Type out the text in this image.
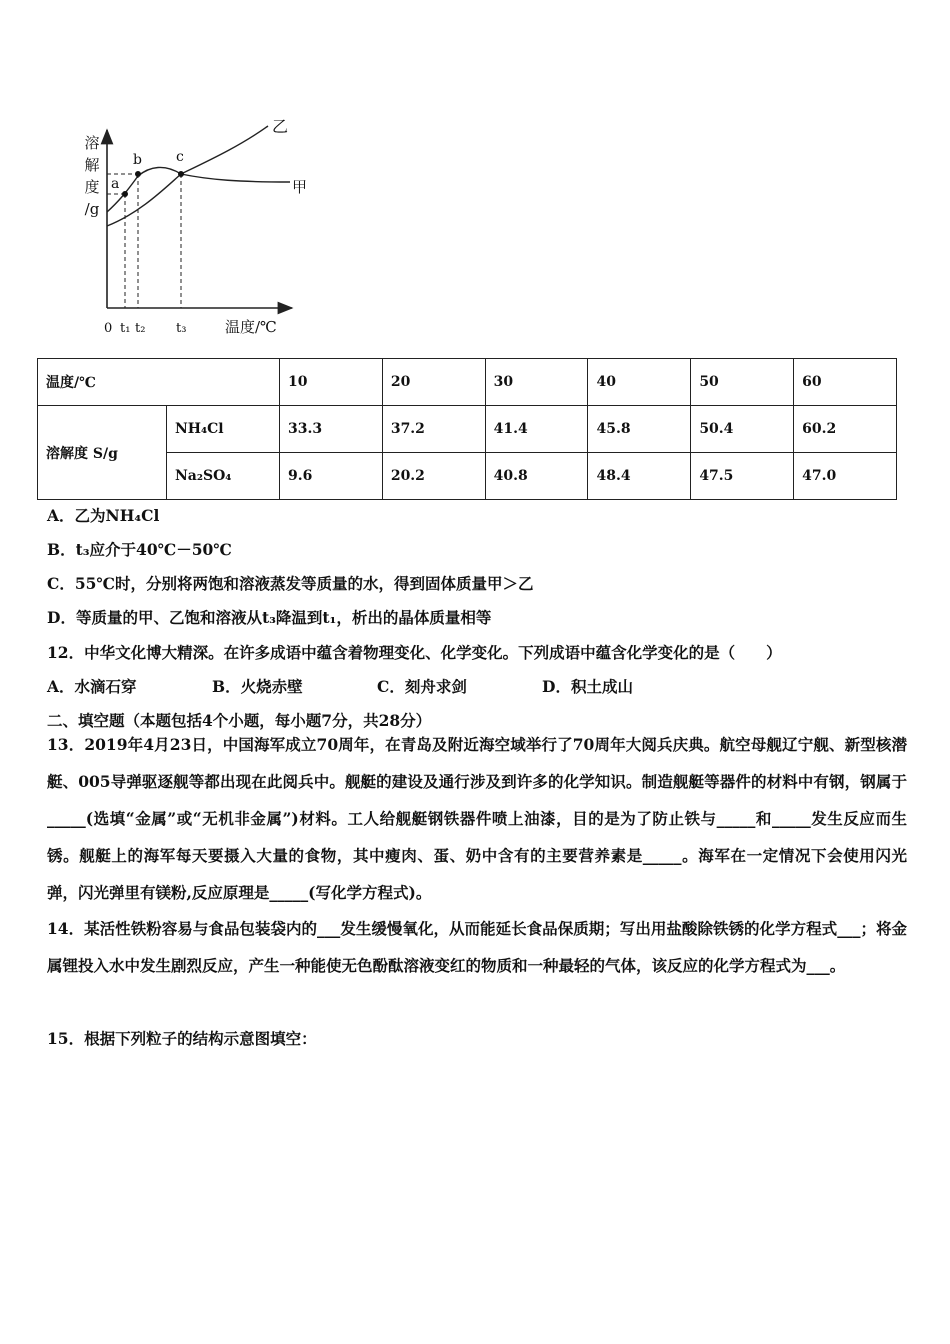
溶解度/g
a
b c
乙
甲
0 t₁ t₂ t₃	温度/℃
温度/℃		10	20	30	40	50	60
溶解度 S/g	NH₄Cl	33.3	37.2	41.4	45.8	50.4	60.2
	Na₂SO₄	9.6	20.2	40.8	48.4	47.5	47.0
A．乙为NH₄Cl
B．t₃应介于40℃－50℃
C．55℃时，分别将两饱和溶液蒸发等质量的水，得到固体质量甲＞乙
D．等质量的甲、乙饱和溶液从t₃降温到t₁，析出的晶体质量相等
12．中华文化博大精深。在许多成语中蕴含着物理变化、化学变化。下列成语中蕴含化学变化的是（　　）
A．水滴石穿	B．火烧赤壁	C．刻舟求剑	D．积土成山
二、填空题（本题包括4个小题，每小题7分，共28分）
13．2019年4月23日，中国海军成立70周年，在青岛及附近海空域举行了70周年大阅兵庆典。航空母舰辽宁舰、新型核潜艇、005导弹驱逐舰等都出现在此阅兵中。舰艇的建设及通行涉及到许多的化学知识。制造舰艇等器件的材料中有钢，钢属于_____(选填“金属”或“无机非金属”)材料。工人给舰艇钢铁器件喷上油漆，目的是为了防止铁与_____和_____发生反应而生锈。舰艇上的海军每天要摄入大量的食物，其中瘦肉、蛋、奶中含有的主要营养素是_____。海军在一定情况下会使用闪光弹，闪光弹里有镁粉,反应原理是_____(写化学方程式)。
14．某活性铁粉容易与食品包装袋内的___发生缓慢氧化，从而能延长食品保质期；写出用盐酸除铁锈的化学方程式___；将金属锂投入水中发生剧烈反应，产生一种能使无色酚酞溶液变红的物质和一种最轻的气体，该反应的化学方程式为___。
15．根据下列粒子的结构示意图填空：
